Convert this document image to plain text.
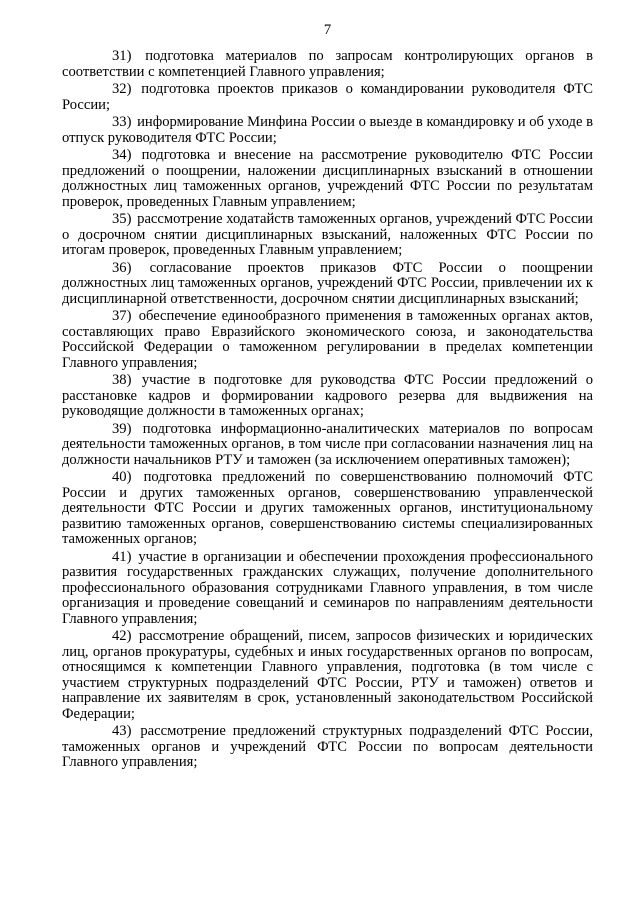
7
31) подготовка материалов по запросам контролирующих органов в соответствии с компетенцией Главного управления;
32) подготовка проектов приказов о командировании руководителя ФТС России;
33) информирование Минфина России о выезде в командировку и об уходе в отпуск руководителя ФТС России;
34) подготовка и внесение на рассмотрение руководителю ФТС России предложений о поощрении, наложении дисциплинарных взысканий в отношении должностных лиц таможенных органов, учреждений ФТС России по результатам проверок, проведенных Главным управлением;
35) рассмотрение ходатайств таможенных органов, учреждений ФТС России о досрочном снятии дисциплинарных взысканий, наложенных ФТС России по итогам проверок, проведенных Главным управлением;
36) согласование проектов приказов ФТС России о поощрении должностных лиц таможенных органов, учреждений ФТС России, привлечении их к дисциплинарной ответственности, досрочном снятии дисциплинарных взысканий;
37) обеспечение единообразного применения в таможенных органах актов, составляющих право Евразийского экономического союза, и законодательства Российской Федерации о таможенном регулировании в пределах компетенции Главного управления;
38) участие в подготовке для руководства ФТС России предложений о расстановке кадров и формировании кадрового резерва для выдвижения на руководящие должности в таможенных органах;
39) подготовка информационно-аналитических материалов по вопросам деятельности таможенных органов, в том числе при согласовании назначения лиц на должности начальников РТУ и таможен (за исключением оперативных таможен);
40) подготовка предложений по совершенствованию полномочий ФТС России и других таможенных органов, совершенствованию управленческой деятельности ФТС России и других таможенных органов, институциональному развитию таможенных органов, совершенствованию системы специализированных таможенных органов;
41) участие в организации и обеспечении прохождения профессионального развития государственных гражданских служащих, получение дополнительного профессионального образования сотрудниками Главного управления, в том числе организация и проведение совещаний и семинаров по направлениям деятельности Главного управления;
42) рассмотрение обращений, писем, запросов физических и юридических лиц, органов прокуратуры, судебных и иных государственных органов по вопросам, относящимся к компетенции Главного управления, подготовка (в том числе с участием структурных подразделений ФТС России, РТУ и таможен) ответов и направление их заявителям в срок, установленный законодательством Российской Федерации;
43) рассмотрение предложений структурных подразделений ФТС России, таможенных органов и учреждений ФТС России по вопросам деятельности Главного управления;
